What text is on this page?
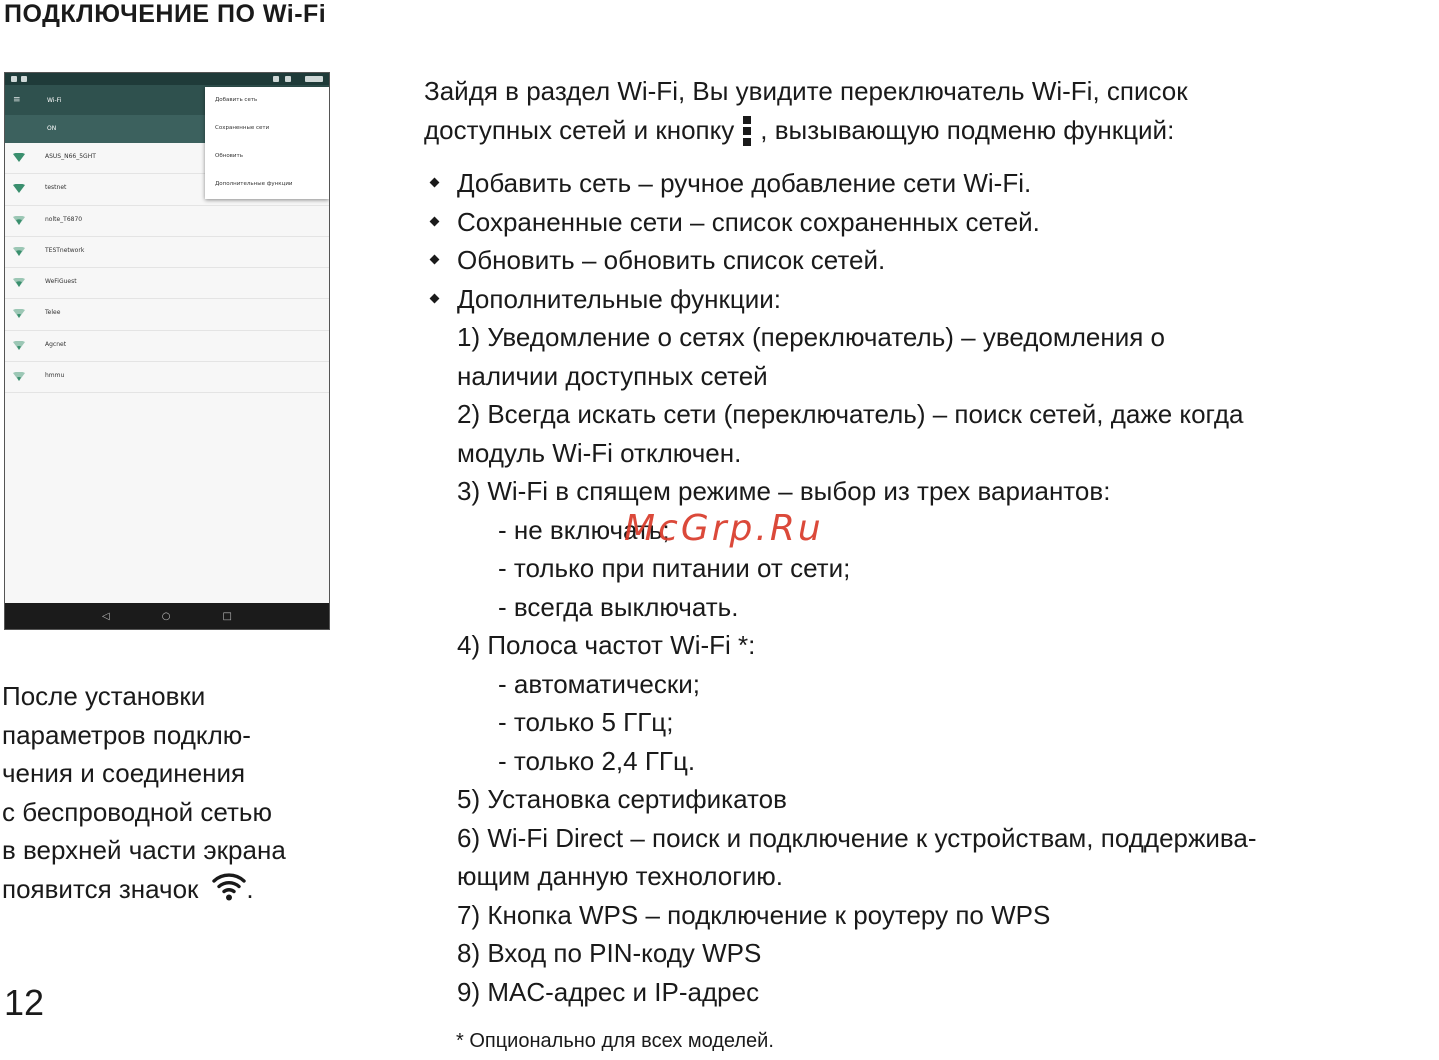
ПОДКЛЮЧЕНИЕ ПО Wi-Fi
≡	Wi-Fi
ON
ASUS_N66_5GHT
testnet
nolte_T6870
TESTnetwork
WeFiGuest
Telee
Agcnet
hmmu
Добавить сеть
Сохраненные сети
Обновить
Дополнительные функции
◁	○	□
Зайдя в раздел Wi-Fi, Вы увидите переключатель Wi-Fi, список
доступных сетей и кнопку , вызывающую подменю функций:
Добавить сеть – ручное добавление сети Wi-Fi.
Сохраненные сети – список сохраненных сетей.
Обновить – обновить список сетей.
Дополнительные функции:
1) Уведомление о сетях (переключатель) – уведомления о
наличии доступных сетей
2) Всегда искать сети (переключатель) – поиск сетей, даже когда
модуль Wi-Fi отключен.
3) Wi-Fi в спящем режиме – выбор из трех вариантов:
- не включать;
- только при питании от сети;
- всегда выключать.
4) Полоса частот Wi-Fi *:
- автоматически;
- только 5 ГГц;
- только 2,4 ГГц.
5) Установка сертификатов
6) Wi-Fi Direct – поиск и подключение к устройствам, поддержива-
ющим данную технологию.
7) Кнопка WPS – подключение к роутеру по WPS
8) Вход по PIN-коду WPS
9) MAC-адрес и IP-адрес
McGrp.Ru
После установки
параметров подклю-
чения и соединения
с беспроводной сетью
в верхней части экрана
появится значок .
12
* Опционально для всех моделей.
